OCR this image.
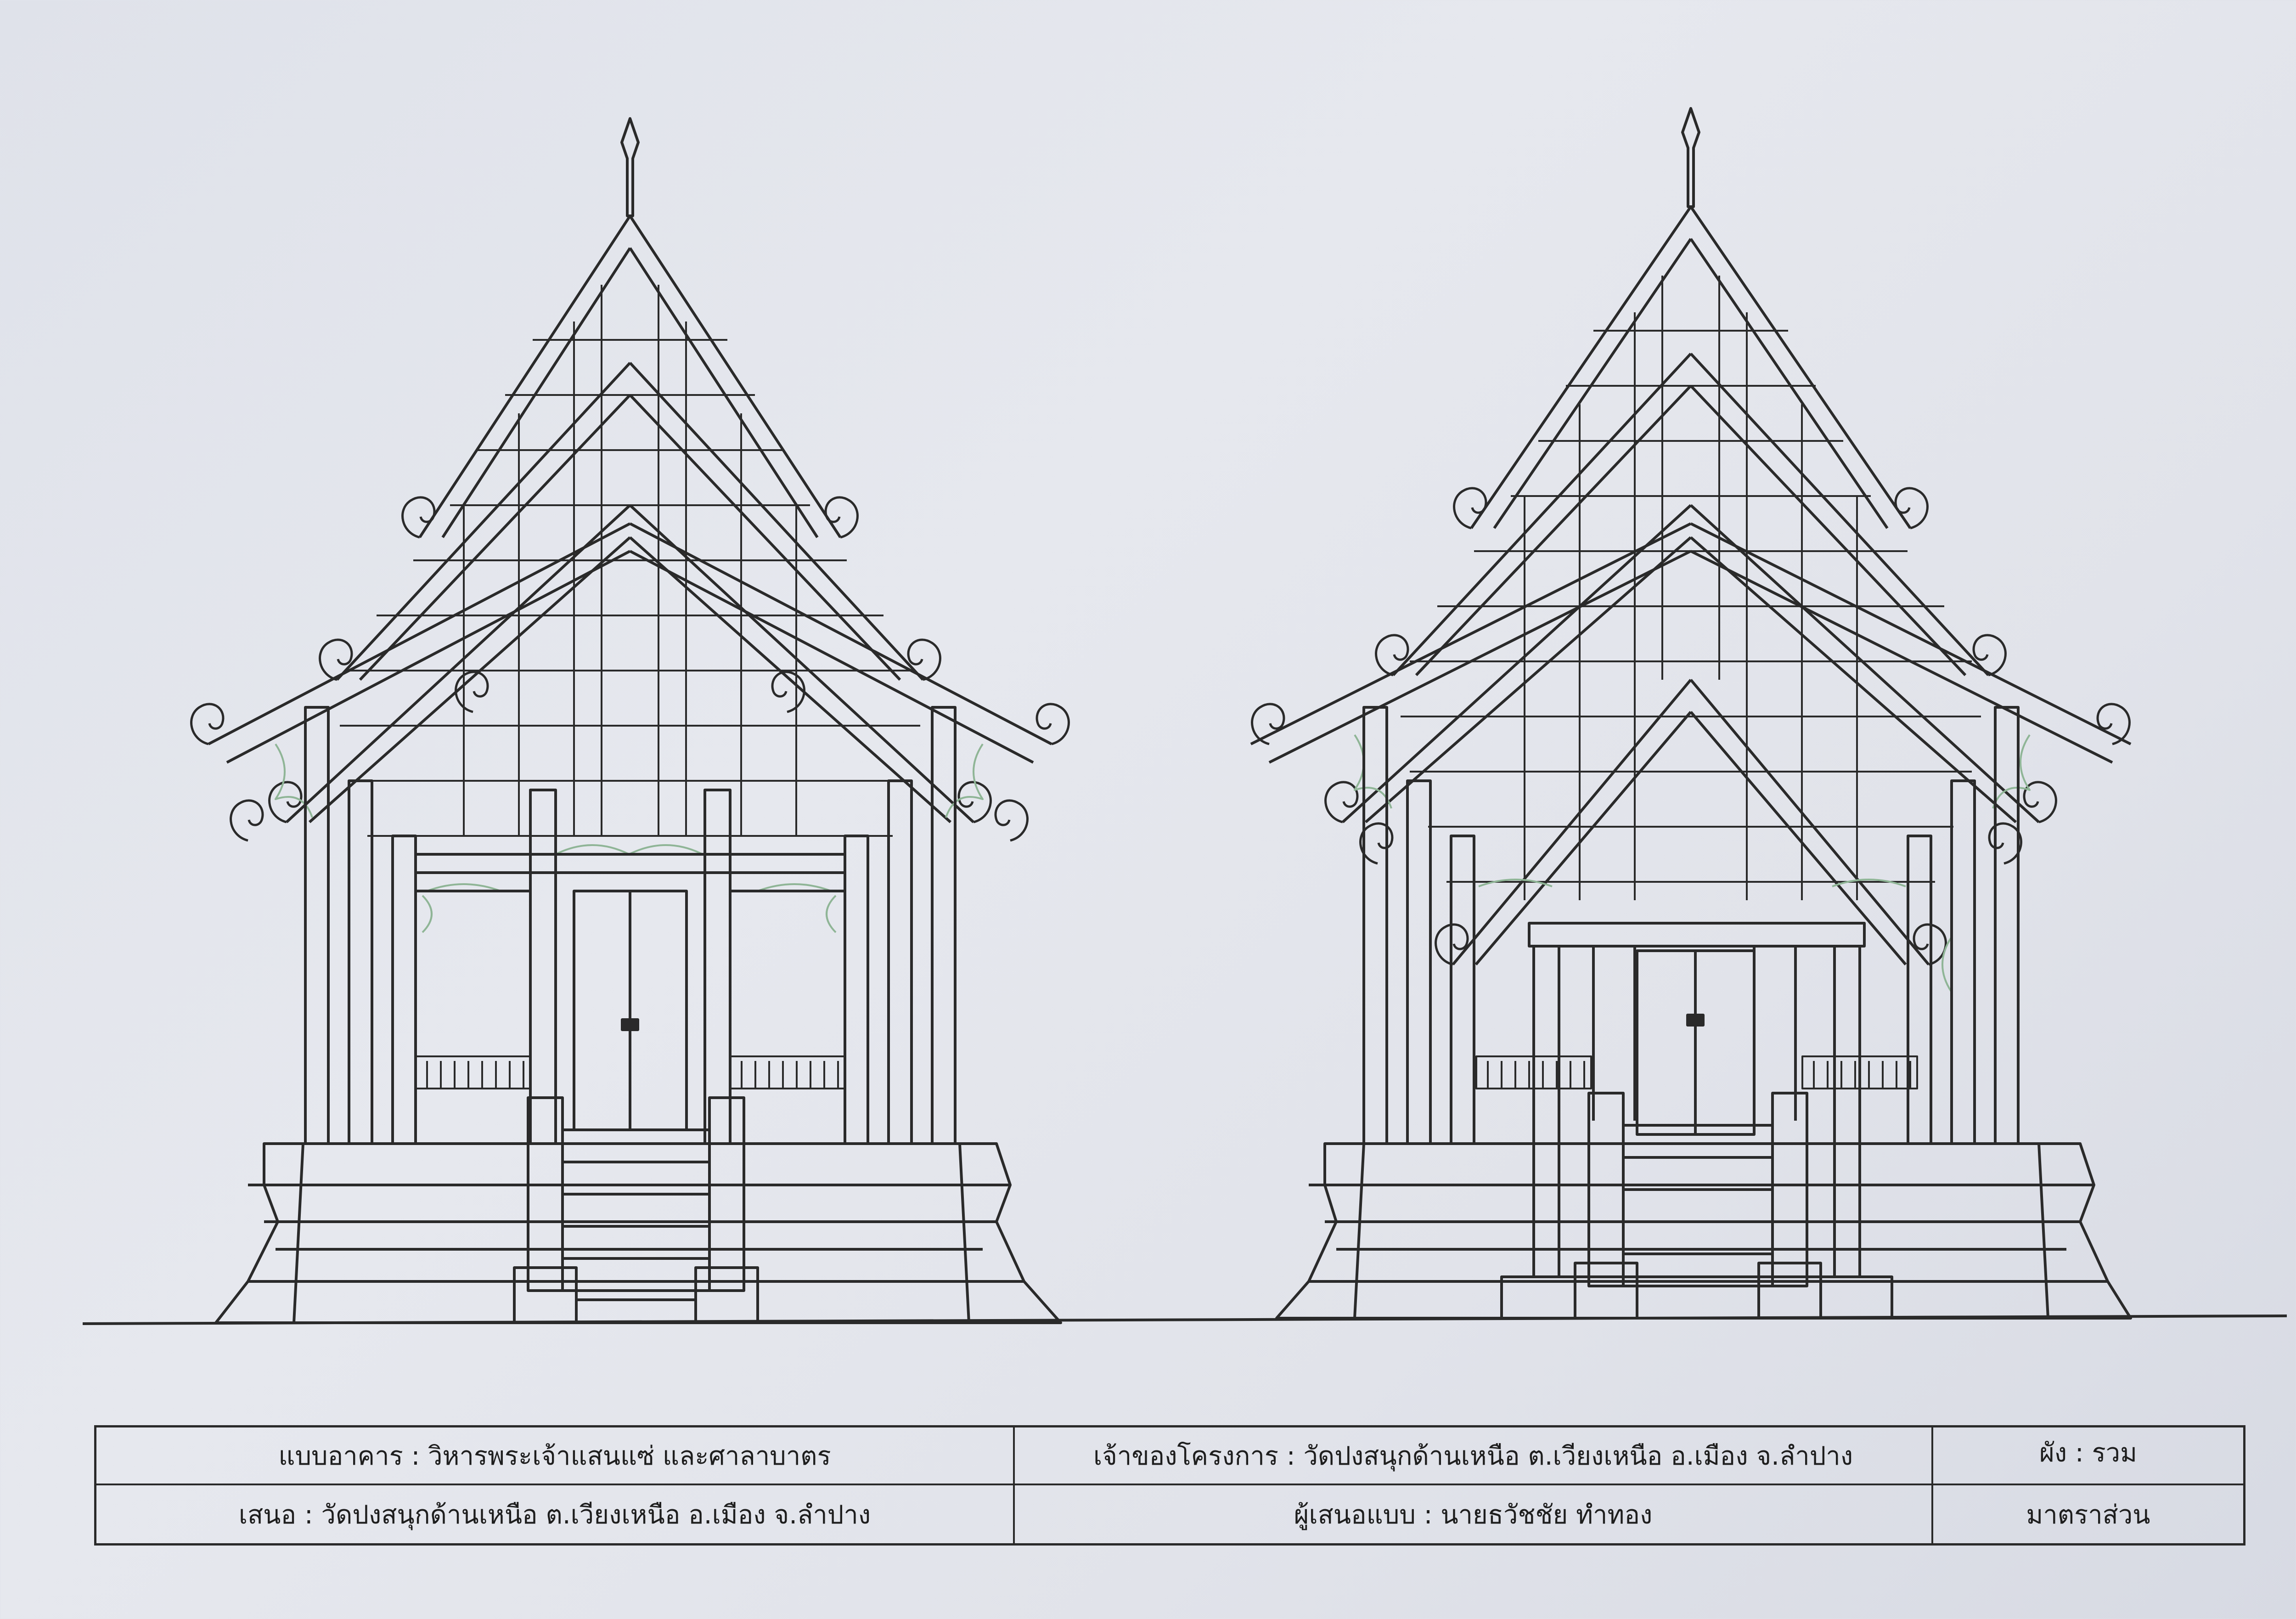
แบบอาคาร : วิหารพระเจ้าแสนแซ่ และศาลาบาตร	เจ้าของโครงการ : วัดปงสนุกด้านเหนือ ต.เวียงเหนือ อ.เมือง จ.ลำปาง	ผัง : รวม
เสนอ : วัดปงสนุกด้านเหนือ ต.เวียงเหนือ อ.เมือง จ.ลำปาง	ผู้เสนอแบบ : นายธวัชชัย ทำทอง	มาตราส่วน
